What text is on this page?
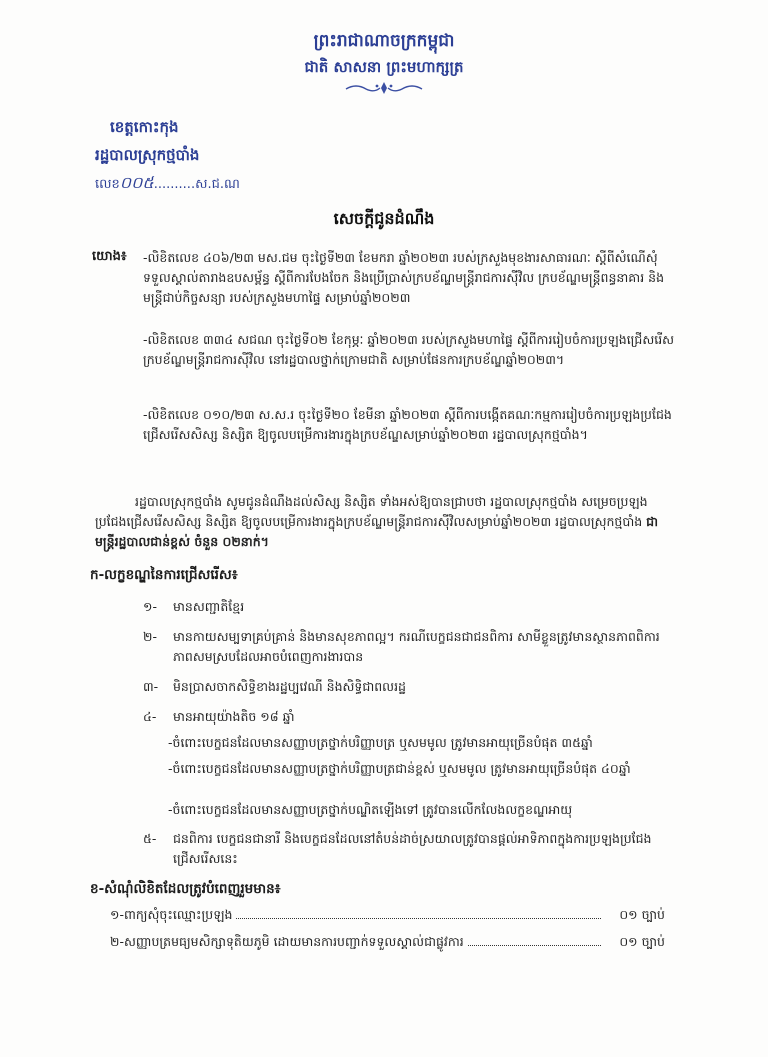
ព្រះរាជាណាចក្រកម្ពុជា
ជាតិ សាសនា ព្រះមហាក្សត្រ
ខេត្តកោះកុង
រដ្ឋបាលស្រុកថ្មបាំង
លេខ០០៥..........ស.ជ.ណ
សេចក្តីជូនដំណឹង
យោង៖ -លិខិតលេខ ៤០៦/២៣ មស.ជម ចុះថ្ងៃទី២៣ ខែមករា ឆ្នាំ២០២៣ របស់ក្រសួងមុខងារសាធារណៈ ស្តីពីសំណើសុំទទួលស្គាល់តារាងឧបសម្ព័ន្ធ ស្តីពីការបែងចែក និងប្រើប្រាស់ក្របខ័ណ្ឌមន្ត្រីរាជការស៊ីវិល ក្របខ័ណ្ឌមន្ត្រីពន្ធនាគារ និងមន្ត្រីជាប់កិច្ចសន្យា របស់ក្រសួងមហាផ្ទៃ សម្រាប់ឆ្នាំ២០២៣
-លិខិតលេខ ៣៣៤ សជណ ចុះថ្ងៃទី០២ ខែកុម្ភៈ ឆ្នាំ២០២៣ របស់ក្រសួងមហាផ្ទៃ ស្តីពីការរៀបចំការប្រឡងជ្រើសរើសក្របខ័ណ្ឌមន្ត្រីរាជការស៊ីវិល នៅរដ្ឋបាលថ្នាក់ក្រោមជាតិ សម្រាប់ផែនការក្របខ័ណ្ឌឆ្នាំ២០២៣។
-លិខិតលេខ ០១០/២៣ ស.ស.រ ចុះថ្ងៃទី២០ ខែមីនា ឆ្នាំ២០២៣ ស្តីពីការបង្កើតគណៈកម្មការរៀបចំការប្រឡងប្រជែងជ្រើសរើសសិស្ស និស្សិត ឱ្យចូលបម្រើការងារក្នុងក្របខ័ណ្ឌសម្រាប់ឆ្នាំ២០២៣ រដ្ឋបាលស្រុកថ្មបាំង។
រដ្ឋបាលស្រុកថ្មបាំង សូមជូនដំណឹងដល់សិស្ស និស្សិត ទាំងអស់ឱ្យបានជ្រាបថា រដ្ឋបាលស្រុកថ្មបាំង សម្រេចប្រឡងប្រជែងជ្រើសរើសសិស្ស និស្សិត ឱ្យចូលបម្រើការងារក្នុងក្របខ័ណ្ឌមន្ត្រីរាជការស៊ីវិលសម្រាប់ឆ្នាំ២០២៣ រដ្ឋបាលស្រុកថ្មបាំង ជាមន្ត្រីរដ្ឋបាលជាន់ខ្ពស់ ចំនួន ០២នាក់។
ក-លក្ខខណ្ឌនៃការជ្រើសរើស៖
១- មានសញ្ជាតិខ្មែរ
២- មានកាយសម្បទាគ្រប់គ្រាន់ និងមានសុខភាពល្អ។ ករណីបេក្ខជនជាជនពិការ សាមីខ្លួនត្រូវមានស្ថានភាពពិការភាពសមស្របដែលអាចបំពេញការងារបាន
៣- មិនប្រាសចាកសិទ្ធិខាងរដ្ឋប្បវេណី និងសិទ្ធិជាពលរដ្ឋ
៤- មានអាយុយ៉ាងតិច ១៨ ឆ្នាំ
-ចំពោះបេក្ខជនដែលមានសញ្ញាបត្រថ្នាក់បរិញ្ញាបត្រ ឬសមមូល ត្រូវមានអាយុច្រើនបំផុត ៣៥ឆ្នាំ
-ចំពោះបេក្ខជនដែលមានសញ្ញាបត្រថ្នាក់បរិញ្ញាបត្រជាន់ខ្ពស់ ឬសមមូល ត្រូវមានអាយុច្រើនបំផុត ៤០ឆ្នាំ
-ចំពោះបេក្ខជនដែលមានសញ្ញាបត្រថ្នាក់បណ្ឌិតឡើងទៅ ត្រូវបានលើកលែងលក្ខខណ្ឌអាយុ
៥- ជនពិការ បេក្ខជនជានារី និងបេក្ខជនដែលនៅតំបន់ដាច់ស្រយាលត្រូវបានផ្តល់អាទិភាពក្នុងការប្រឡងប្រជែងជ្រើសរើសនេះ
ខ-សំណុំលិខិតដែលត្រូវបំពេញរួមមាន៖
១-ពាក្យសុំចុះឈ្មោះប្រឡង	០១ ច្បាប់
២-សញ្ញាបត្រមធ្យមសិក្សាទុតិយភូមិ ដោយមានការបញ្ជាក់ទទួលស្គាល់ជាផ្លូវការ	០១ ច្បាប់
